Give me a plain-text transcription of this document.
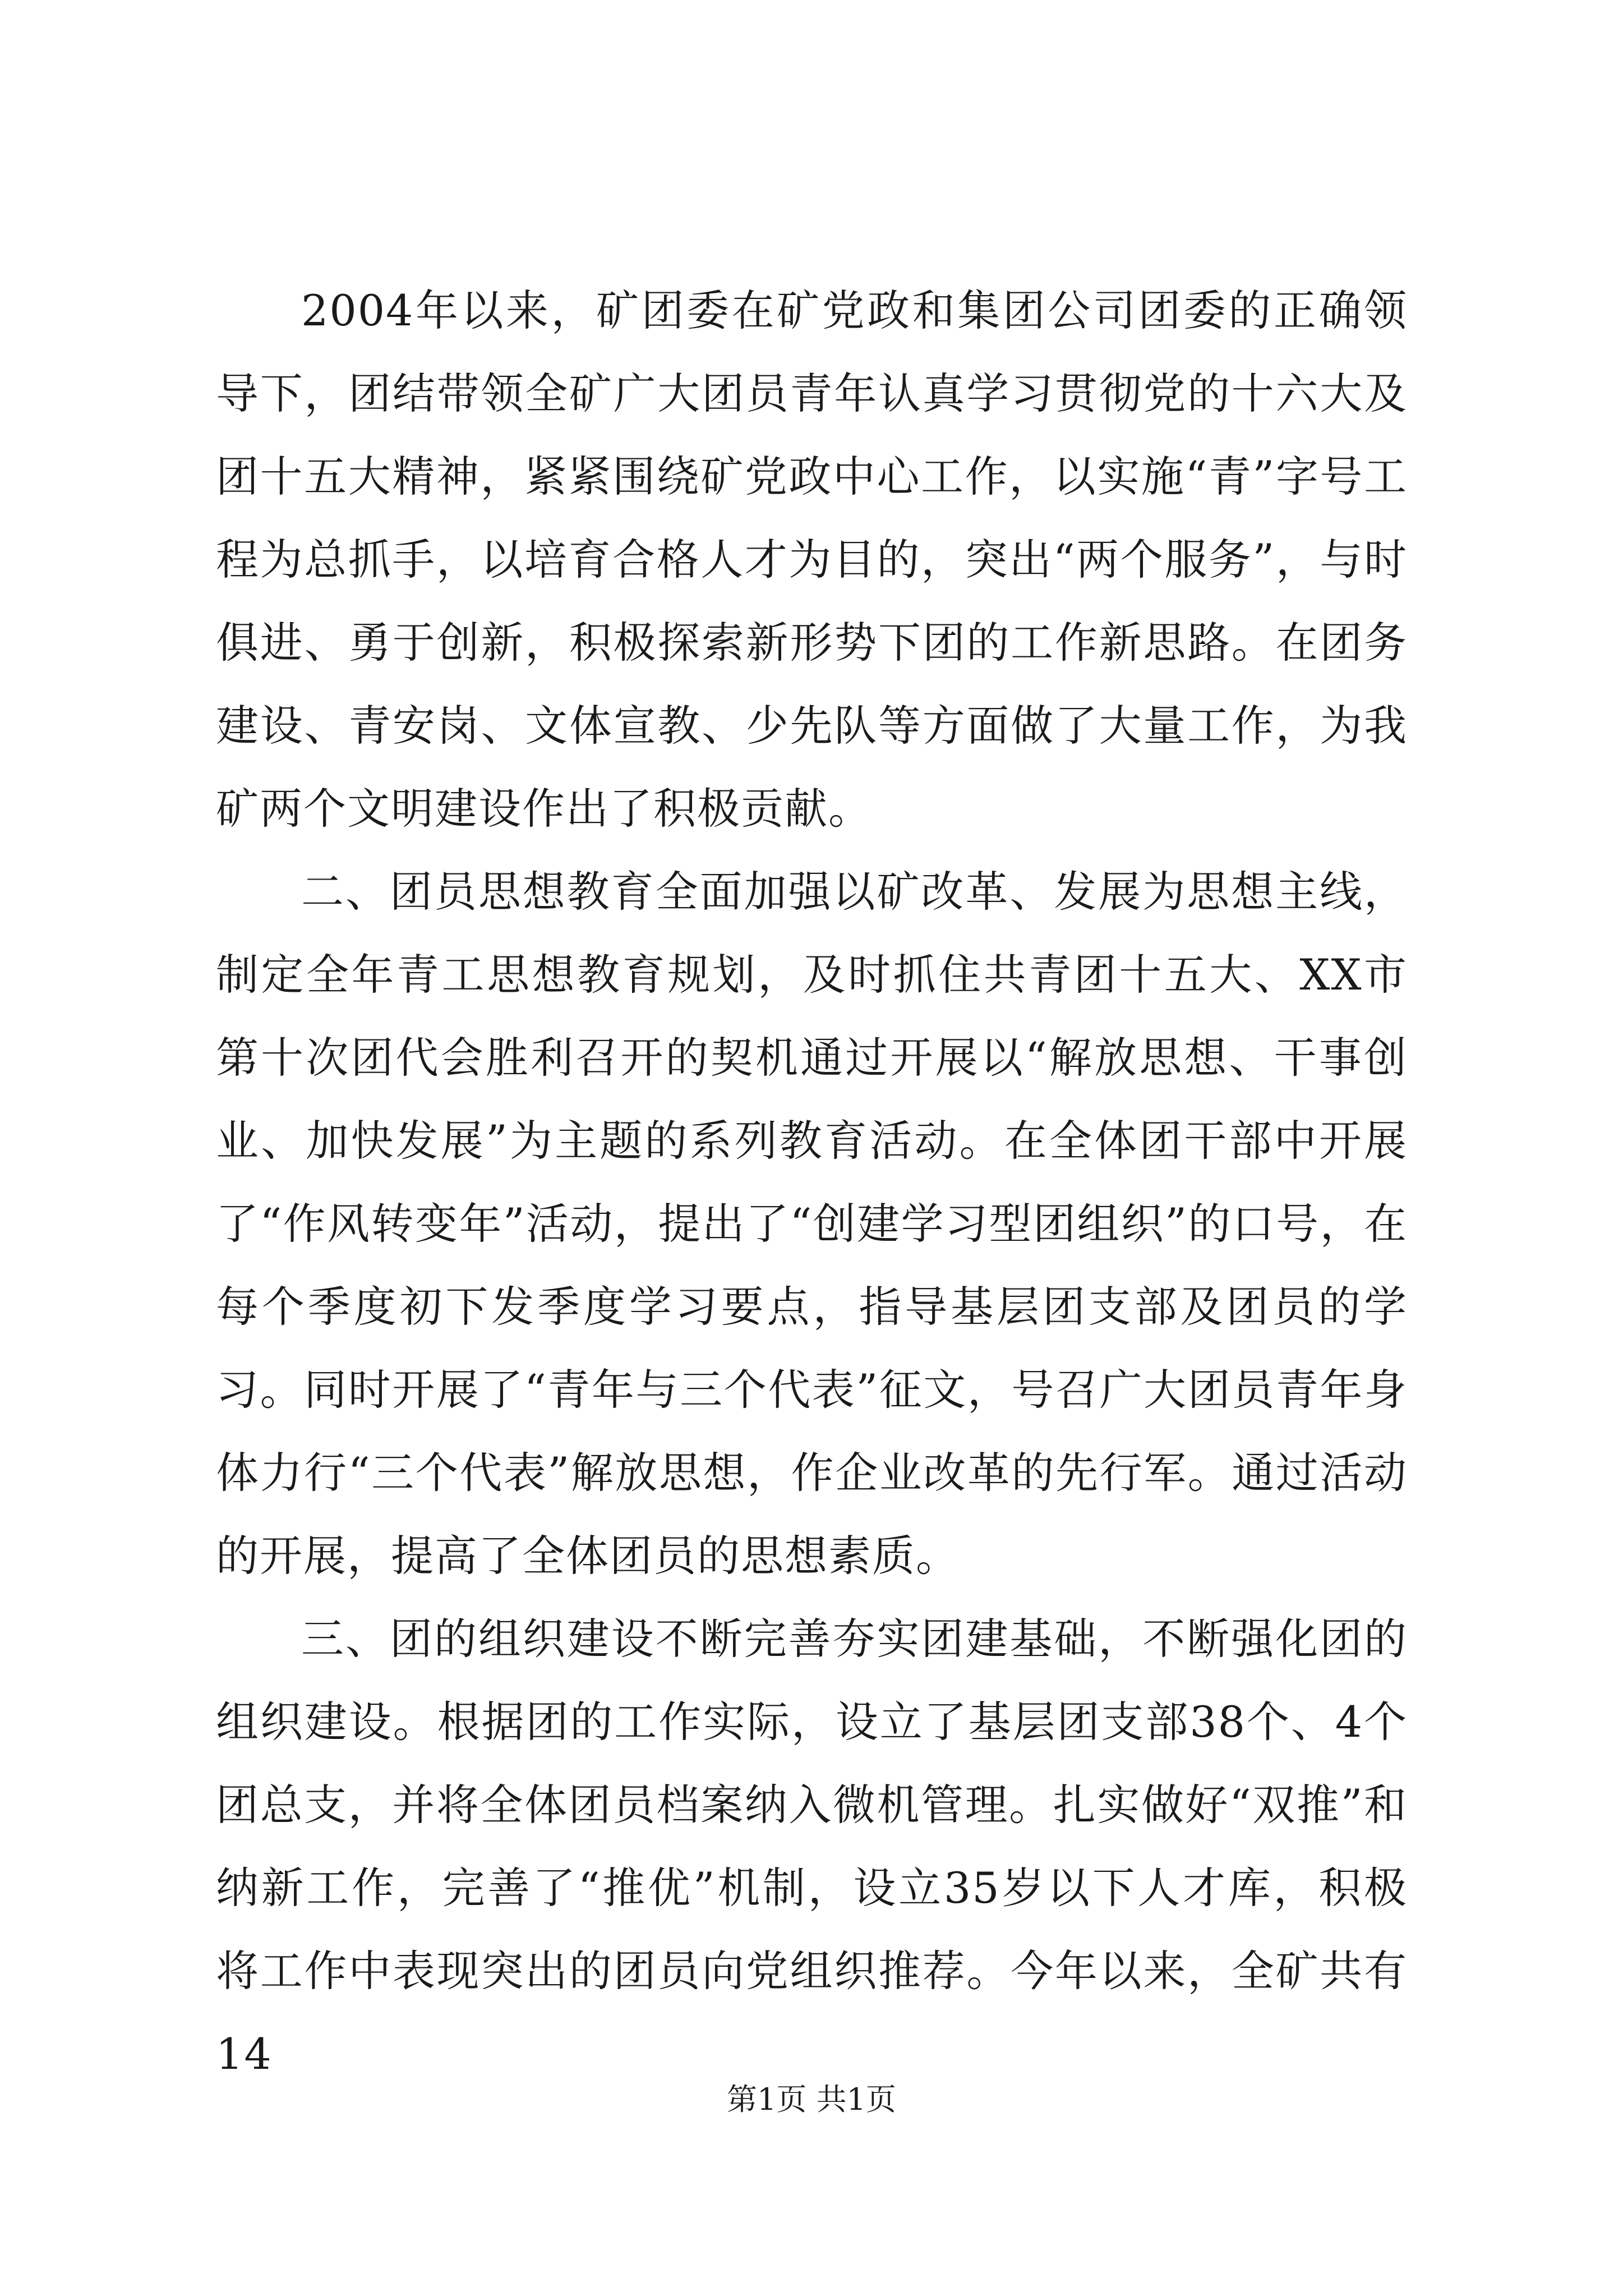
2004年以来，矿团委在矿党政和集团公司团委的正确领导下，团结带领全矿广大团员青年认真学习贯彻党的十六大及团十五大精神，紧紧围绕矿党政中心工作，以实施“青”字号工程为总抓手，以培育合格人才为目的，突出“两个服务”，与时俱进、勇于创新，积极探索新形势下团的工作新思路。在团务建设、青安岗、文体宣教、少先队等方面做了大量工作，为我矿两个文明建设作出了积极贡献。

二、团员思想教育全面加强以矿改革、发展为思想主线，制定全年青工思想教育规划，及时抓住共青团十五大、XX市第十次团代会胜利召开的契机通过开展以“解放思想、干事创业、加快发展”为主题的系列教育活动。在全体团干部中开展了“作风转变年”活动，提出了“创建学习型团组织”的口号，在每个季度初下发季度学习要点，指导基层团支部及团员的学习。同时开展了“青年与三个代表”征文，号召广大团员青年身体力行“三个代表”解放思想，作企业改革的先行军。通过活动的开展，提高了全体团员的思想素质。

三、团的组织建设不断完善夯实团建基础，不断强化团的组织建设。根据团的工作实际，设立了基层团支部38个、4个团总支，并将全体团员档案纳入微机管理。扎实做好“双推”和纳新工作，完善了“推优”机制，设立35岁以下人才库，积极将工作中表现突出的团员向党组织推荐。今年以来，全矿共有14

第1页 共1页
